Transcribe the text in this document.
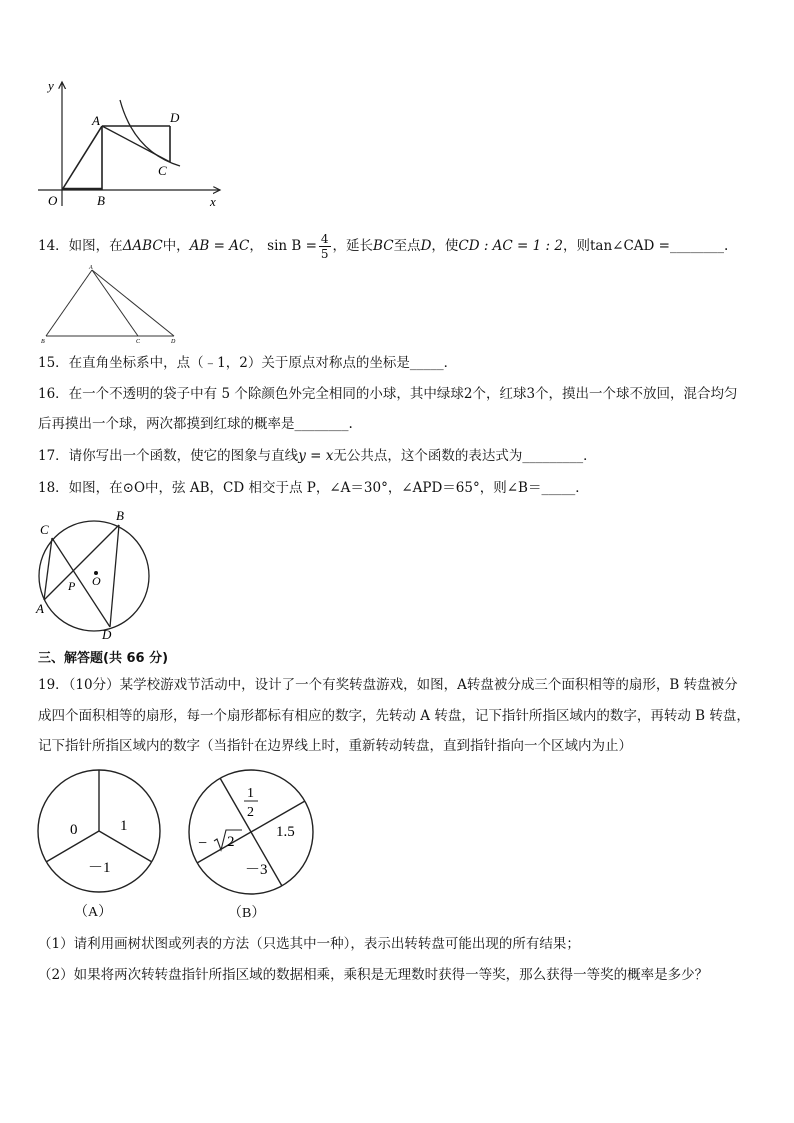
y
x
O
A
B
C
D
14．如图，在ΔABC中，AB = AC， $\sin B = \frac{4}{5}$ ，延长BC至点D，使CD : AC = 1 : 2，则tan∠CAD =________.
A
B	C	D
15．在直角坐标系中，点（﹣1，2）关于原点对称点的坐标是_____．
16．在一个不透明的袋子中有 5 个除颜色外完全相同的小球，其中绿球2个，红球3个，摸出一个球不放回，混合均匀
后再摸出一个球，两次都摸到红球的概率是________.
17．请你写出一个函数，使它的图象与直线y = x无公共点，这个函数的表达式为_________．
18．如图，在⊙O中，弦 AB，CD 相交于点 P，∠A＝30°，∠APD＝65°，则∠B＝_____．
C
B
A
D
P O
三、解答题(共 66 分)
19．（10分）某学校游戏节活动中，设计了一个有奖转盘游戏，如图，A转盘被分成三个面积相等的扇形，B 转盘被分
成四个面积相等的扇形，每一个扇形都标有相应的数字，先转动 A 转盘，记下指针所指区域内的数字，再转动 B 转盘，
记下指针所指区域内的数字（当指针在边界线上时，重新转动转盘，直到指针指向一个区域内为止）
0	1
－1
（A）
1
2
1.5
− 2
－3
（B）
（1）请利用画树状图或列表的方法（只选其中一种），表示出转转盘可能出现的所有结果；
（2）如果将两次转转盘指针所指区域的数据相乘，乘积是无理数时获得一等奖，那么获得一等奖的概率是多少？
